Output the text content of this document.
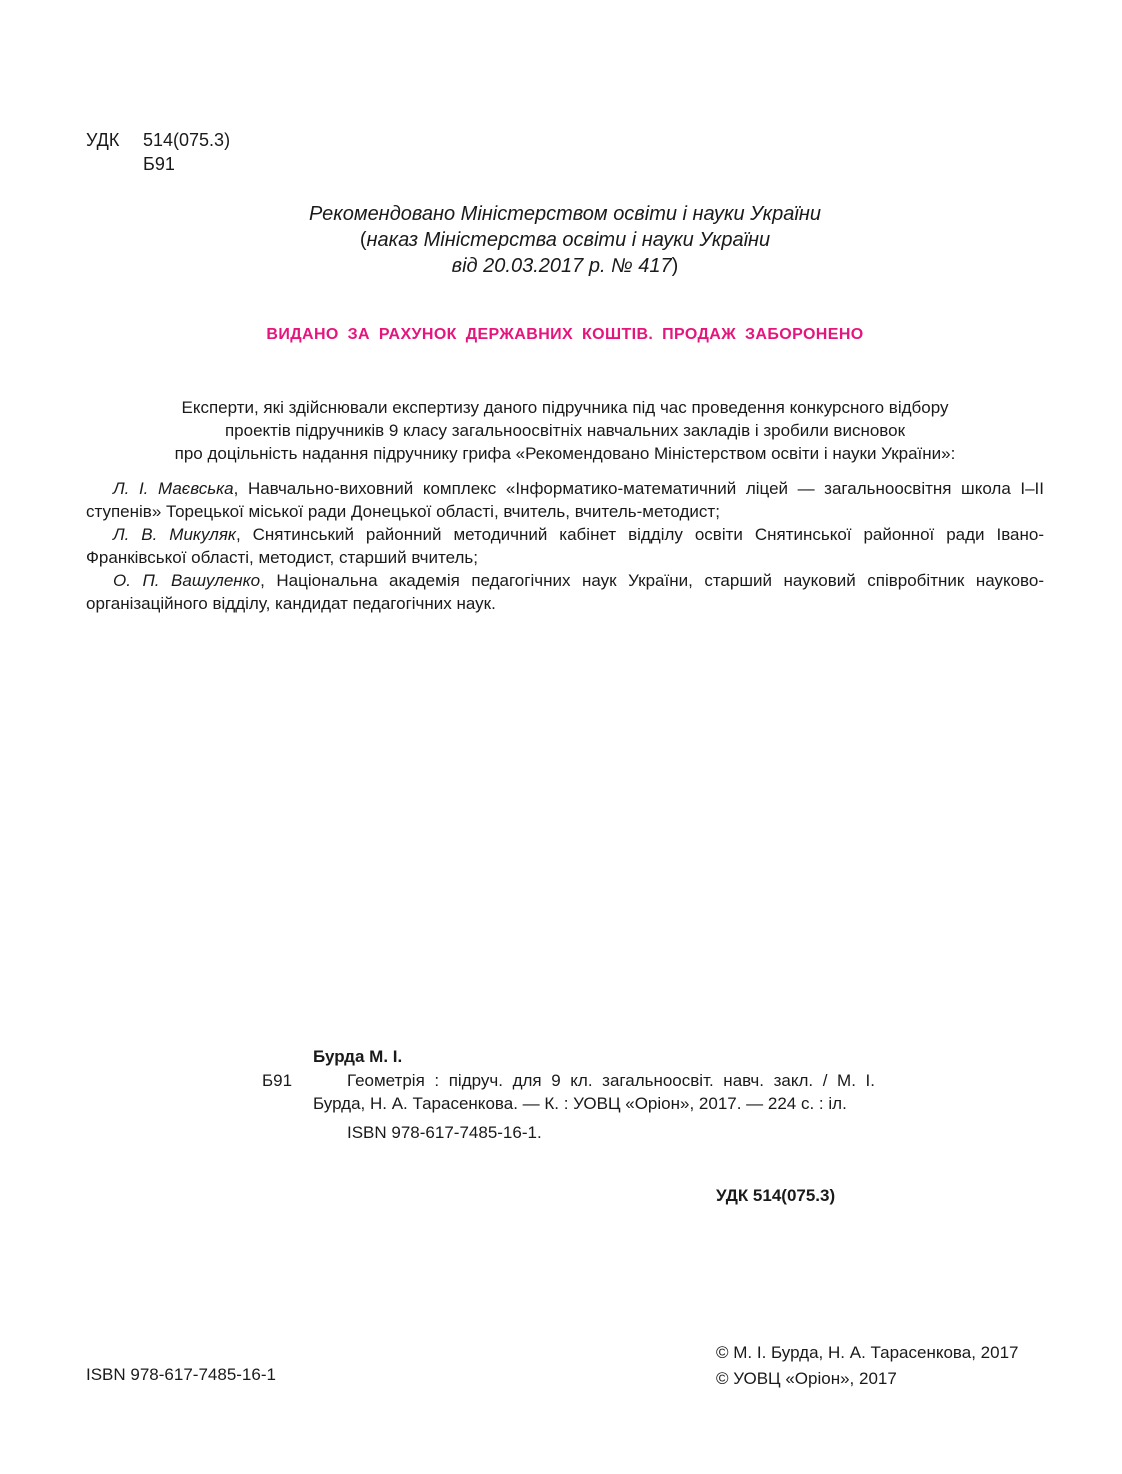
УДК	514(075.3)
Б91
Рекомендовано Міністерством освіти і науки України
(наказ Міністерства освіти і науки України
від 20.03.2017 р. № 417)
ВИДАНО ЗА РАХУНОК ДЕРЖАВНИХ КОШТІВ. ПРОДАЖ ЗАБОРОНЕНО
Експерти, які здійснювали експертизу даного підручника під час проведення конкурсного відбору
проектів підручників 9 класу загальноосвітніх навчальних закладів і зробили висновок
про доцільність надання підручнику грифа «Рекомендовано Міністерством освіти і науки України»:

Л. І. Маєвська, Навчально-виховний комплекс «Інформатико-математичний ліцей — загальноосвітня школа І–ІІ ступенів» Торецької міської ради Донецької області, вчитель, вчитель-методист;

Л. В. Микуляк, Снятинський районний методичний кабінет відділу освіти Снятинської районної ради Івано-Франківської області, методист, старший вчитель;

О. П. Вашуленко, Національна академія педагогічних наук України, старший науковий співробітник науково-організаційного відділу, кандидат педагогічних наук.

Бурда М. І.
Б91	Геометрія : підруч. для 9 кл. загальноосвіт. навч. закл. / М. І. Бурда, Н. А. Тарасенкова. — К. : УОВЦ «Оріон», 2017. — 224 с. : іл.
ISBN 978-617-7485-16-1.
УДК 514(075.3)
ISBN 978-617-7485-16-1
© М. І. Бурда, Н. А. Тарасенкова, 2017
© УОВЦ «Оріон», 2017
